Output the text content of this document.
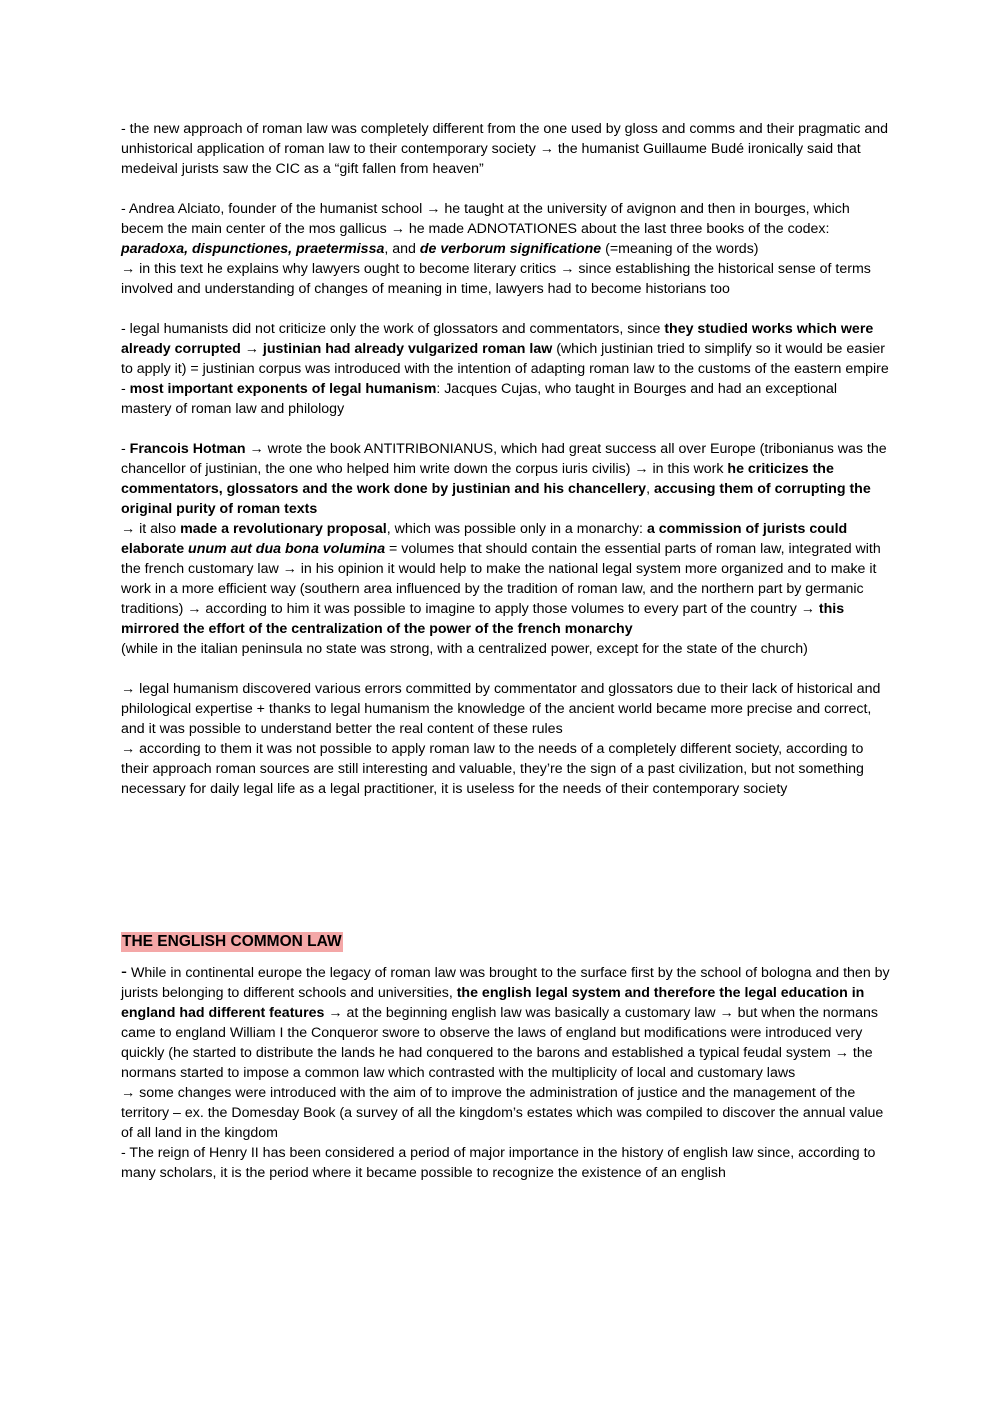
- the new approach of roman law was completely different from the one used by gloss and comms and their pragmatic and unhistorical application of roman law to their contemporary society → the humanist Guillaume Budé ironically said that medeival jurists saw the CIC as a “gift fallen from heaven”

- Andrea Alciato, founder of the humanist school → he taught at the university of avignon and then in bourges, which becem the main center of the mos gallicus → he made ADNOTATIONES about the last three books of the codex: paradoxa, dispunctiones, praetermissa, and de verborum significatione (=meaning of the words)
→ in this text he explains why lawyers ought to become literary critics → since establishing the historical sense of terms involved and understanding of changes of meaning in time, lawyers had to become historians too

- legal humanists did not criticize only the work of glossators and commentators, since they studied works which were already corrupted → justinian had already vulgarized roman law (which justinian tried to simplify so it would be easier to apply it) = justinian corpus was introduced with the intention of adapting roman law to the customs of the eastern empire
- most important exponents of legal humanism: Jacques Cujas, who taught in Bourges and had an exceptional mastery of roman law and philology

- Francois Hotman → wrote the book ANTITRIBONIANUS, which had great success all over Europe (tribonianus was the chancellor of justinian, the one who helped him write down the corpus iuris civilis) → in this work he criticizes the commentators, glossators and the work done by justinian and his chancellery, accusing them of corrupting the original purity of roman texts
→ it also made a revolutionary proposal, which was possible only in a monarchy: a commission of jurists could elaborate unum aut dua bona volumina = volumes that should contain the essential parts of roman law, integrated with the french customary law → in his opinion it would help to make the national legal system more organized and to make it work in a more efficient way (southern area influenced by the tradition of roman law, and the northern part by germanic traditions) → according to him it was possible to imagine to apply those volumes to every part of the country → this mirrored the effort of the centralization of the power of the french monarchy
(while in the italian peninsula no state was strong, with a centralized power, except for the state of the church)

→ legal humanism discovered various errors committed by commentator and glossators due to their lack of historical and philological expertise + thanks to legal humanism the knowledge of the ancient world became more precise and correct, and it was possible to understand better the real content of these rules
→ according to them it was not possible to apply roman law to the needs of a completely different society, according to their approach roman sources are still interesting and valuable, they’re the sign of a past civilization, but not something necessary for daily legal life as a legal practitioner, it is useless for the needs of their contemporary society

THE ENGLISH COMMON LAW

- While in continental europe the legacy of roman law was brought to the surface first by the school of bologna and then by jurists belonging to different schools and universities, the english legal system and therefore the legal education in england had different features → at the beginning english law was basically a customary law → but when the normans came to england William I the Conqueror swore to observe the laws of england but modifications were introduced very quickly (he started to distribute the lands he had conquered to the barons and established a typical feudal system → the normans started to impose a common law which contrasted with the multiplicity of local and customary laws
→ some changes were introduced with the aim of to improve the administration of justice and the management of the territory – ex. the Domesday Book (a survey of all the kingdom’s estates which was compiled to discover the annual value of all land in the kingdom
- The reign of Henry II has been considered a period of major importance in the history of english law since, according to many scholars, it is the period where it became possible to recognize the existence of an english
